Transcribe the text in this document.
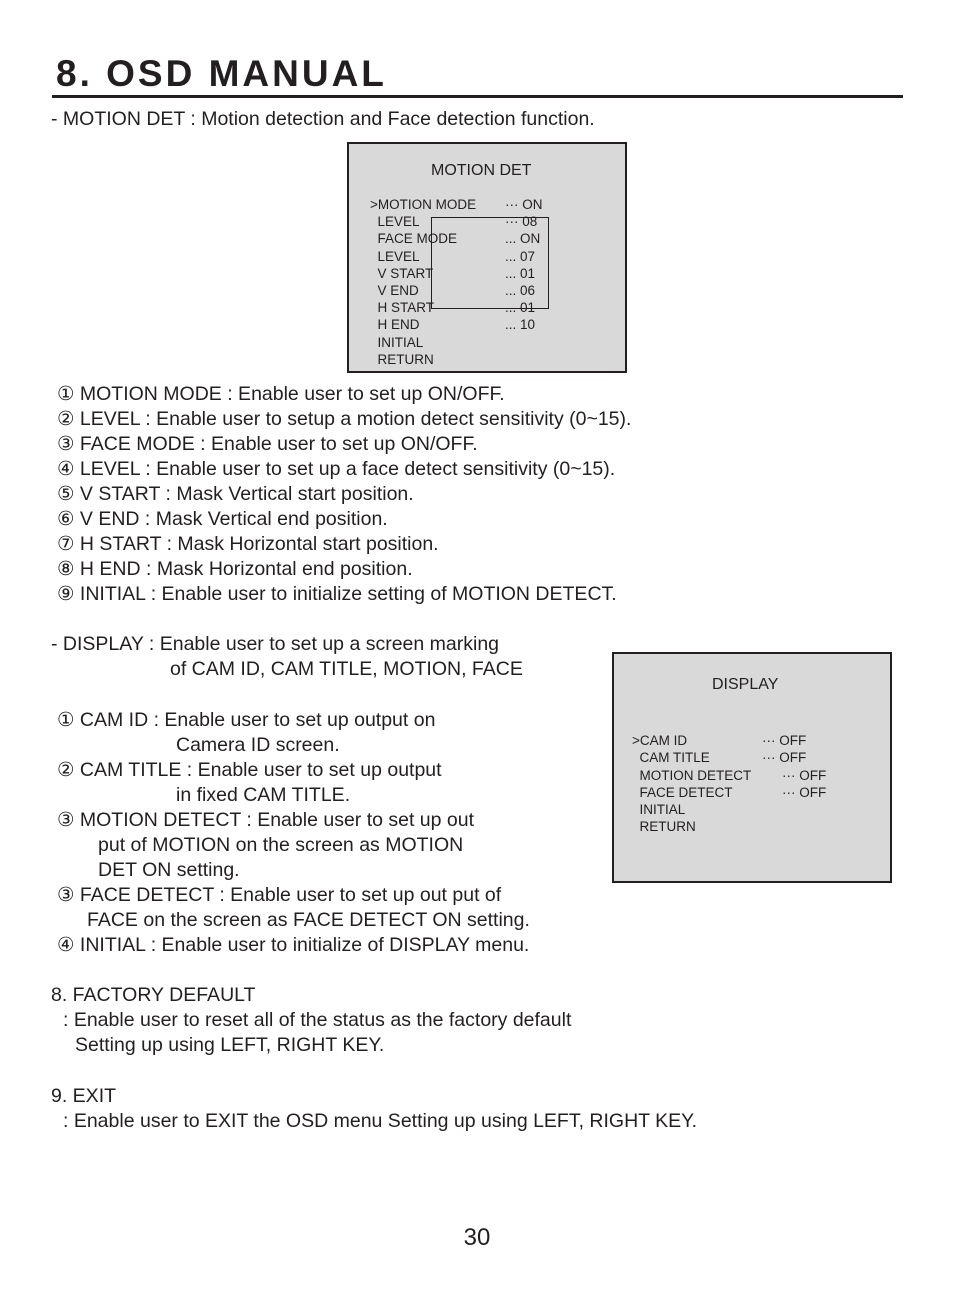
8. OSD MANUAL
- MOTION DET : Motion detection and Face detection function.
MOTION DET
>MOTION MODE ··· ON
LEVEL	··· 08
FACE MODE	... ON
LEVEL	... 07
V START	... 01
V END	... 06
H START	... 01
H END	... 10
INITIAL
RETURN
① MOTION MODE : Enable user to set up ON/OFF.
② LEVEL : Enable user to setup a motion detect sensitivity (0~15).
③ FACE MODE : Enable user to set up ON/OFF.
④ LEVEL : Enable user to set up a face detect sensitivity (0~15).
⑤ V START : Mask Vertical start position.
⑥ V END : Mask Vertical end position.
⑦ H START : Mask Horizontal start position.
⑧ H END : Mask Horizontal end position.
⑨ INITIAL : Enable user to initialize setting of MOTION DETECT.
- DISPLAY : Enable user to set up a screen marking
of CAM ID, CAM TITLE, MOTION, FACE
① CAM ID : Enable user to set up output on
Camera ID screen.
② CAM TITLE : Enable user to set up output
in fixed CAM TITLE.
③ MOTION DETECT : Enable user to set up out
put of MOTION on the screen as MOTION
DET ON setting.
③ FACE DETECT : Enable user to set up out put of
FACE on the screen as FACE DETECT ON setting.
④ INITIAL : Enable user to initialize of DISPLAY menu.
DISPLAY
>CAM ID	··· OFF
CAM TITLE	··· OFF
MOTION DETECT ··· OFF
FACE DETECT	··· OFF
INITIAL
RETURN
8. FACTORY DEFAULT
: Enable user to reset all of the status as the factory default
Setting up using LEFT, RIGHT KEY.
9. EXIT
: Enable user to EXIT the OSD menu Setting up using LEFT, RIGHT KEY.
30
